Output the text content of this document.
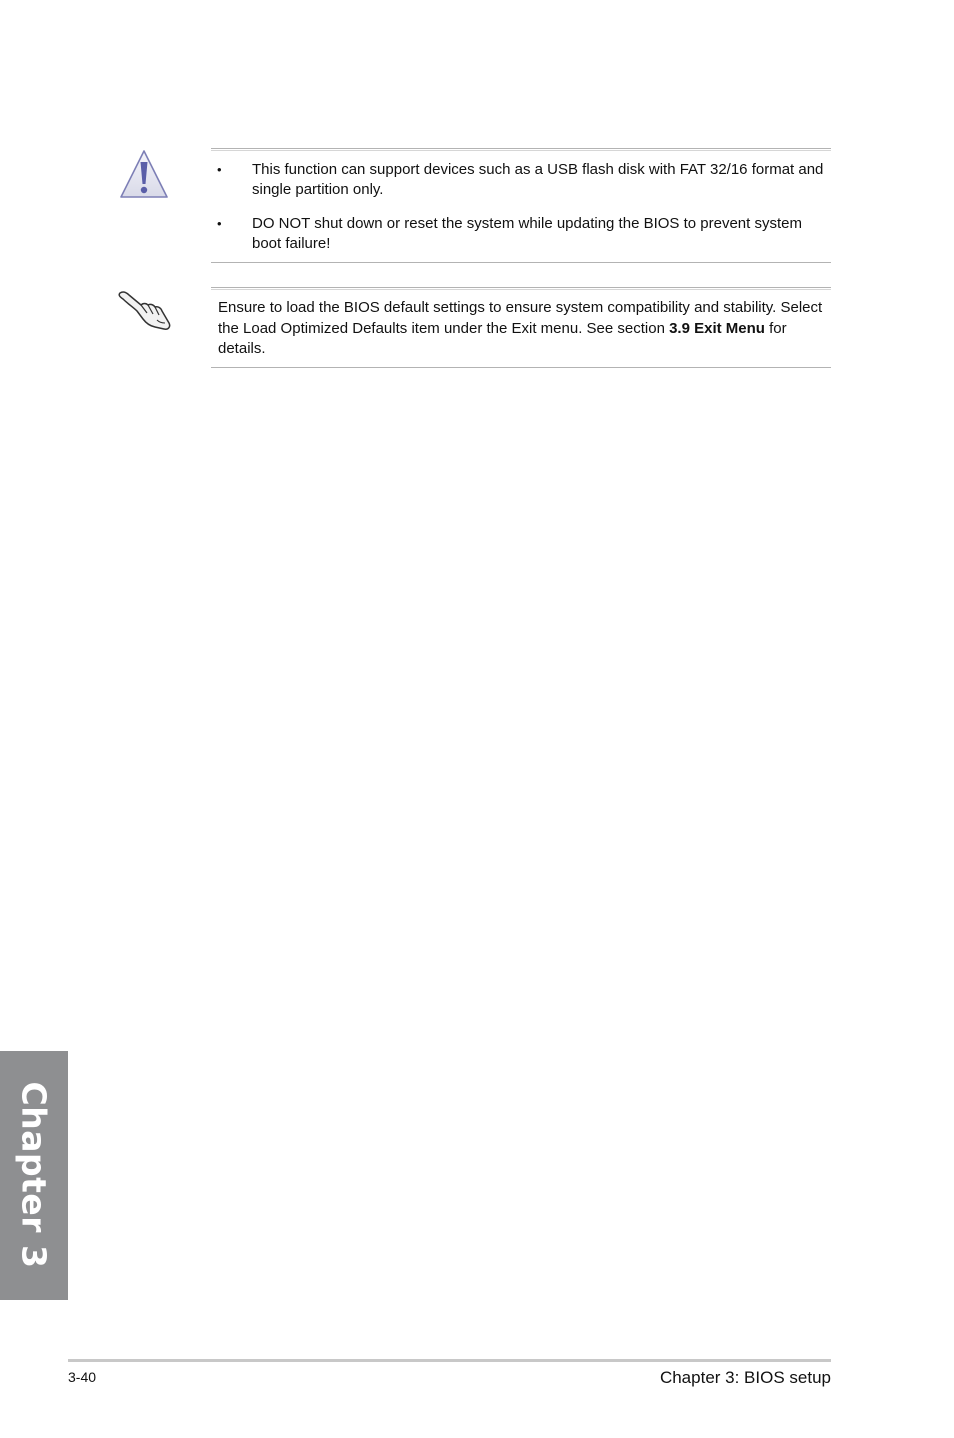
• This function can support devices such as a USB flash disk with FAT 32/16 format and single partition only.
• DO NOT shut down or reset the system while updating the BIOS to prevent system boot failure!
Ensure to load the BIOS default settings to ensure system compatibility and stability. Select the Load Optimized Defaults item under the Exit menu. See section 3.9 Exit Menu for details.
Chapter 3
3-40	Chapter 3: BIOS setup
